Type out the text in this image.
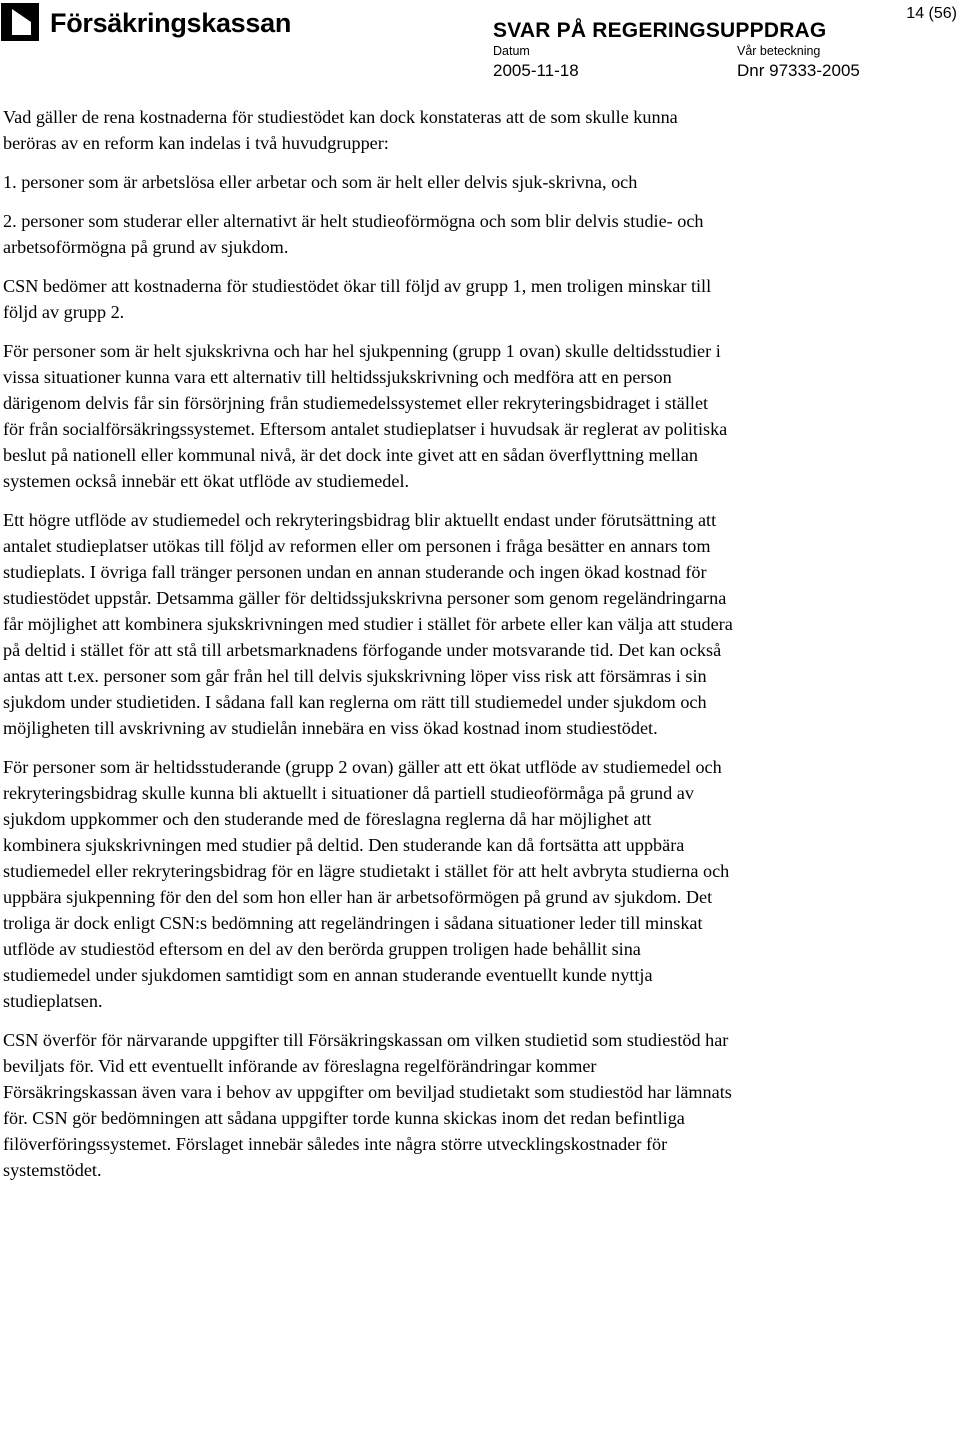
Försäkringskassan	SVAR PÅ REGERINGSUPPDRAG
14 (56)
Datum	Vår beteckning
2005-11-18	Dnr 97333-2005

Vad gäller de rena kostnaderna för studiestödet kan dock konstateras att de som skulle kunna beröras av en reform kan indelas i två huvudgrupper:

1. personer som är arbetslösa eller arbetar och som är helt eller delvis sjuk-skrivna, och

2. personer som studerar eller alternativt är helt studieoförmögna och som blir delvis studie- och arbetsoförmögna på grund av sjukdom.

CSN bedömer att kostnaderna för studiestödet ökar till följd av grupp 1, men troligen minskar till följd av grupp 2.

För personer som är helt sjukskrivna och har hel sjukpenning (grupp 1 ovan) skulle deltidsstudier i vissa situationer kunna vara ett alternativ till heltidssjukskrivning och medföra att en person därigenom delvis får sin försörjning från studiemedelssystemet eller rekryteringsbidraget i stället för från socialförsäkringssystemet. Eftersom antalet studieplatser i huvudsak är reglerat av politiska beslut på nationell eller kommunal nivå, är det dock inte givet att en sådan överflyttning mellan systemen också innebär ett ökat utflöde av studiemedel.

Ett högre utflöde av studiemedel och rekryteringsbidrag blir aktuellt endast under förutsättning att antalet studieplatser utökas till följd av reformen eller om personen i fråga besätter en annars tom studieplats. I övriga fall tränger personen undan en annan studerande och ingen ökad kostnad för studiestödet uppstår. Detsamma gäller för deltidssjukskrivna personer som genom regeländringarna får möjlighet att kombinera sjukskrivningen med studier i stället för arbete eller kan välja att studera på deltid i stället för att stå till arbetsmarknadens förfogande under motsvarande tid. Det kan också antas att t.ex. personer som går från hel till delvis sjukskrivning löper viss risk att försämras i sin sjukdom under studietiden. I sådana fall kan reglerna om rätt till studiemedel under sjukdom och möjligheten till avskrivning av studielån innebära en viss ökad kostnad inom studiestödet.

För personer som är heltidsstuderande (grupp 2 ovan) gäller att ett ökat utflöde av studiemedel och rekryteringsbidrag skulle kunna bli aktuellt i situationer då partiell studieoförmåga på grund av sjukdom uppkommer och den studerande med de föreslagna reglerna då har möjlighet att kombinera sjukskrivningen med studier på deltid. Den studerande kan då fortsätta att uppbära studiemedel eller rekryteringsbidrag för en lägre studietakt i stället för att helt avbryta studierna och uppbära sjukpenning för den del som hon eller han är arbetsoförmögen på grund av sjukdom. Det troliga är dock enligt CSN:s bedömning att regeländringen i sådana situationer leder till minskat utflöde av studiestöd eftersom en del av den berörda gruppen troligen hade behållit sina studiemedel under sjukdomen samtidigt som en annan studerande eventuellt kunde nyttja studieplatsen.

CSN överför för närvarande uppgifter till Försäkringskassan om vilken studietid som studiestöd har beviljats för. Vid ett eventuellt införande av föreslagna regelförändringar kommer Försäkringskassan även vara i behov av uppgifter om beviljad studietakt som studiestöd har lämnats för. CSN gör bedömningen att sådana uppgifter torde kunna skickas inom det redan befintliga filöverföringssystemet. Förslaget innebär således inte några större utvecklingskostnader för systemstödet.
